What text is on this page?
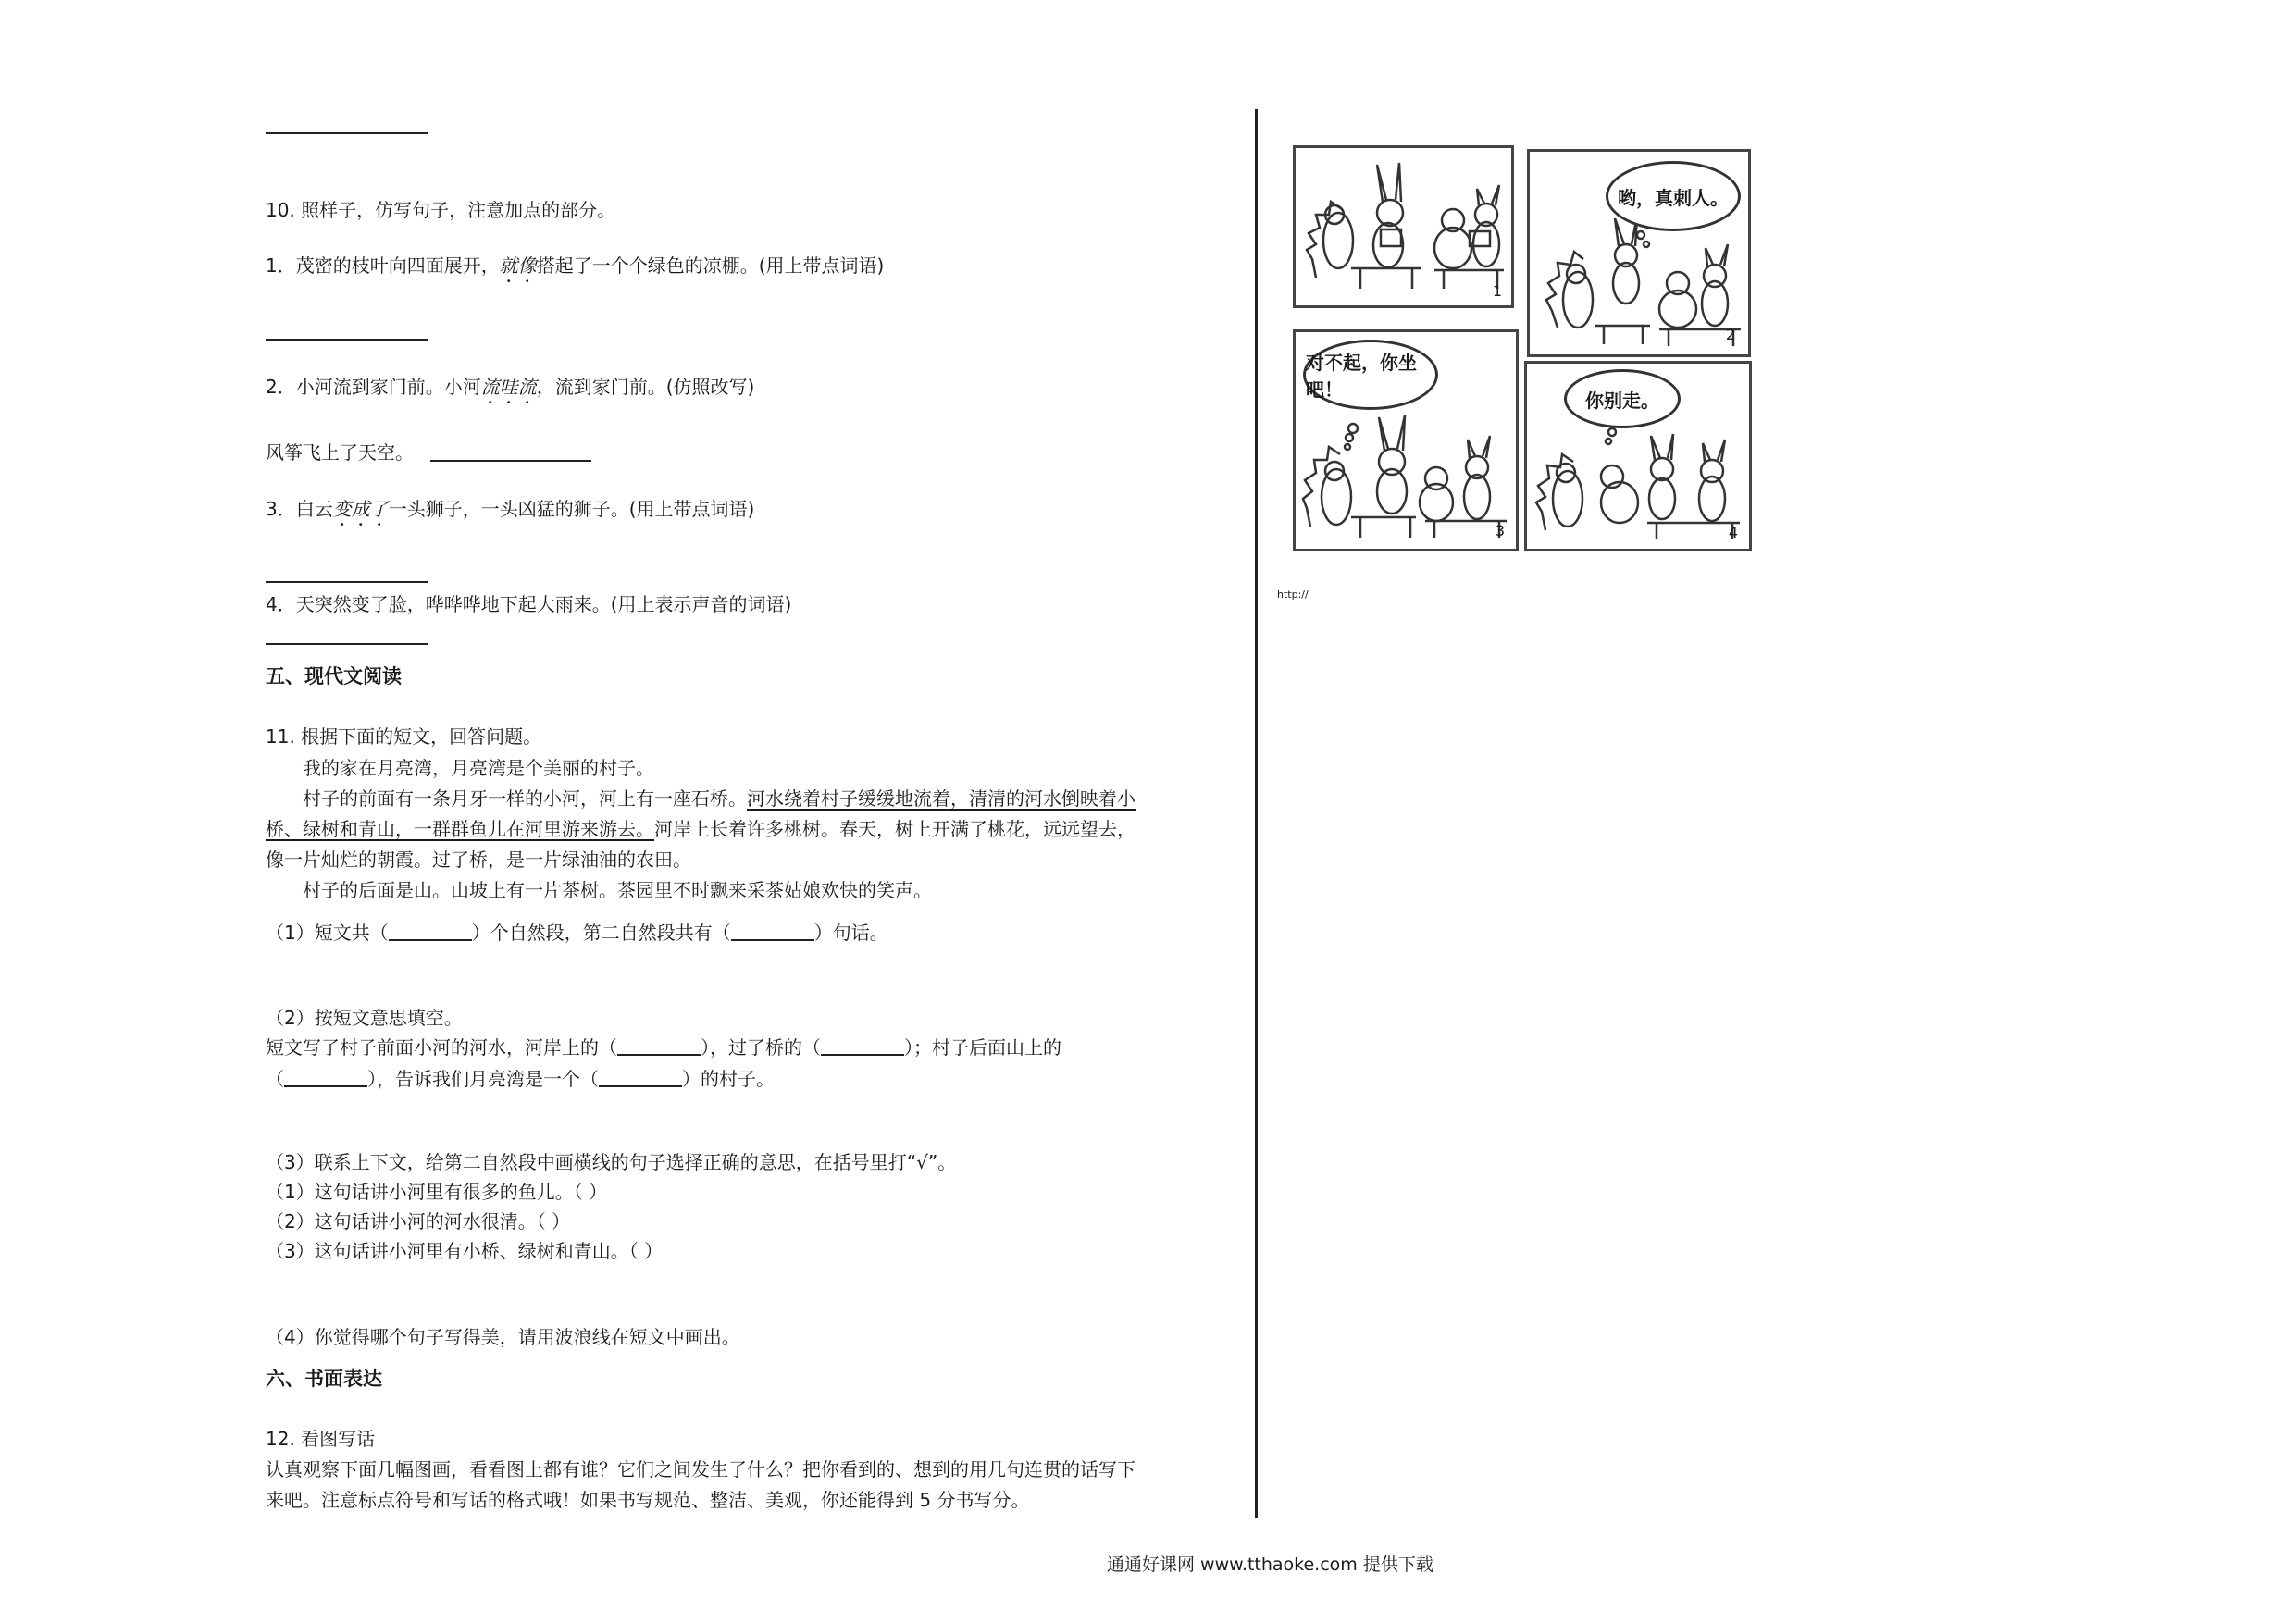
10. 照样子，仿写句子，注意加点的部分。
1．茂密的枝叶向四面展开，就像搭起了一个个绿色的凉棚。(用上带点词语)
2．小河流到家门前。小河流哇流，流到家门前。(仿照改写)
风筝飞上了天空。
3．白云变成了一头狮子，一头凶猛的狮子。(用上带点词语)
4．天突然变了脸，哗哗哗地下起大雨来。(用上表示声音的词语)
五、现代文阅读
11. 根据下面的短文，回答问题。
我的家在月亮湾，月亮湾是个美丽的村子。
村子的前面有一条月牙一样的小河，河上有一座石桥。河水绕着村子缓缓地流着，清清的河水倒映着小
桥、绿树和青山，一群群鱼儿在河里游来游去。河岸上长着许多桃树。春天，树上开满了桃花，远远望去，
像一片灿烂的朝霞。过了桥，是一片绿油油的农田。
村子的后面是山。山坡上有一片茶树。茶园里不时飘来采茶姑娘欢快的笑声。
（1）短文共（	）个自然段，第二自然段共有（	）句话。
（2）按短文意思填空。
短文写了村子前面小河的河水，河岸上的（	），过了桥的（	）；村子后面山上的
（	），告诉我们月亮湾是一个（	）的村子。
（3）联系上下文，给第二自然段中画横线的句子选择正确的意思，在括号里打“√”。
（1）这句话讲小河里有很多的鱼儿。（ ）
（2）这句话讲小河的河水很清。（ ）
（3）这句话讲小河里有小桥、绿树和青山。（ ）
（4）你觉得哪个句子写得美，请用波浪线在短文中画出。
六、书面表达
12. 看图写话
认真观察下面几幅图画，看看图上都有谁？它们之间发生了什么？把你看到的、想到的用几句连贯的话写下
来吧。注意标点符号和写话的格式哦！如果书写规范、整洁、美观，你还能得到 5 分书写分。
1
哟，真刺人。
2
对不起，你坐吧！
3
你别走。
4
http://
通通好课网 www.tthaoke.com 提供下载
